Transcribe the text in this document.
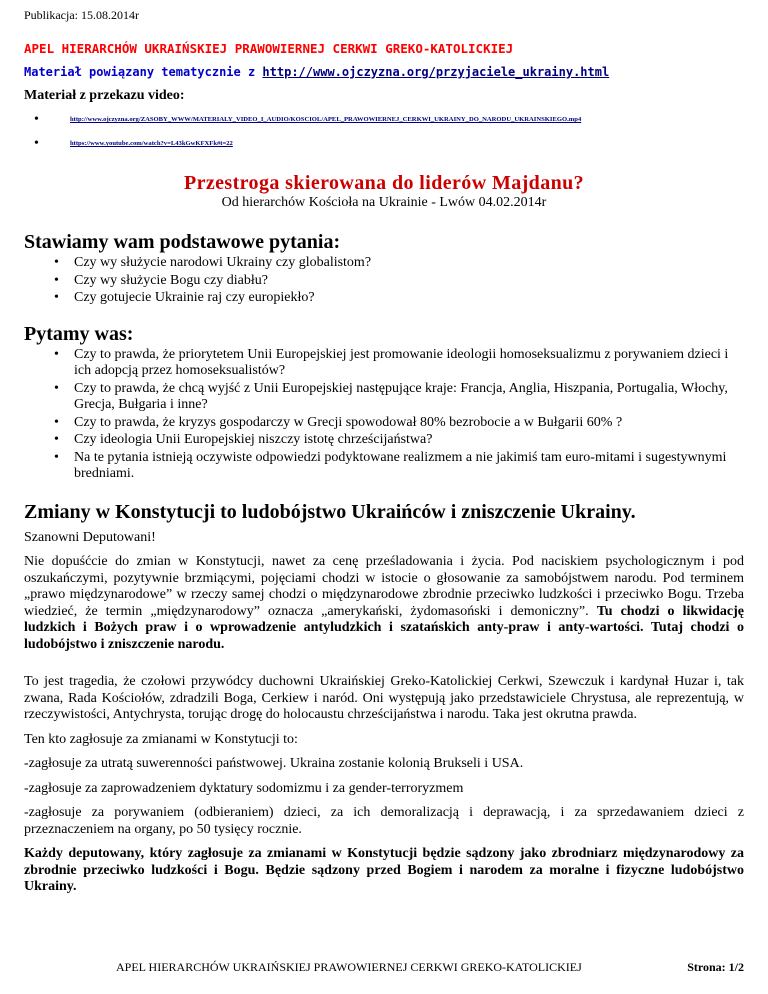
Publikacja: 15.08.2014r
APEL HIERARCHÓW UKRAIŃSKIEJ PRAWOWIERNEJ CERKWI GREKO-KATOLICKIEJ
Materiał powiązany tematycznie z http://www.ojczyzna.org/przyjaciele_ukrainy.html
Materiał z przekazu video:
•	http://www.ojczyzna.org/ZASOBY_WWW/MATERIALY_VIDEO_I_AUDIO/KOSCIOL/APEL_PRAWOWIERNEJ_CERKWI_UKRAINY_DO_NARODU_UKRAINSKIEGO.mp4
•	https://www.youtube.com/watch?v=L43kGwKFXFk#t=22
Przestroga skierowana do liderów Majdanu?
Od hierarchów Kościoła na Ukrainie - Lwów 04.02.2014r
Stawiamy wam podstawowe pytania:
• Czy wy służycie narodowi Ukrainy czy globalistom?
• Czy wy służycie Bogu czy diabłu?
• Czy gotujecie Ukrainie raj czy europiekło?
Pytamy was:
• Czy to prawda, że priorytetem Unii Europejskiej jest promowanie ideologii homoseksualizmu z porywaniem dzieci i ich adopcją przez homoseksualistów?
• Czy to prawda, że chcą wyjść z Unii Europejskiej następujące kraje: Francja, Anglia, Hiszpania, Portugalia, Włochy, Grecja, Bułgaria i inne?
• Czy to prawda, że kryzys gospodarczy w Grecji spowodował 80% bezrobocie a w Bułgarii 60% ?
• Czy ideologia Unii Europejskiej niszczy istotę chrześcijaństwa?
• Na te pytania istnieją oczywiste odpowiedzi podyktowane realizmem a nie jakimiś tam euro-mitami i sugestywnymi bredniami.
Zmiany w Konstytucji to ludobójstwo Ukraińców i zniszczenie Ukrainy.
Szanowni Deputowani!
Nie dopuśćcie do zmian w Konstytucji, nawet za cenę prześladowania i życia. Pod naciskiem psychologicznym i pod oszukańczymi, pozytywnie brzmiącymi, pojęciami chodzi w istocie o głosowanie za samobójstwem narodu. Pod terminem „prawo międzynarodowe” w rzeczy samej chodzi o międzynarodowe zbrodnie przeciwko ludzkości i przeciwko Bogu. Trzeba wiedzieć, że termin „międzynarodowy” oznacza „amerykański, żydomasoński i demoniczny”. Tu chodzi o likwidację ludzkich i Bożych praw i o wprowadzenie antyludzkich i szatańskich anty-praw i anty-wartości. Tutaj chodzi o ludobójstwo i zniszczenie narodu.
To jest tragedia, że czołowi przywódcy duchowni Ukraińskiej Greko-Katolickiej Cerkwi, Szewczuk i kardynał Huzar i, tak zwana, Rada Kościołów, zdradzili Boga, Cerkiew i naród. Oni występują jako przedstawiciele Chrystusa, ale reprezentują, w rzeczywistości, Antychrysta, torując drogę do holocaustu chrześcijaństwa i narodu. Taka jest okrutna prawda.
Ten kto zagłosuje za zmianami w Konstytucji to:
-zagłosuje za utratą suwerenności państwowej. Ukraina zostanie kolonią Brukseli i USA.
-zagłosuje za zaprowadzeniem dyktatury sodomizmu i za gender-terroryzmem
-zagłosuje za porywaniem (odbieraniem) dzieci, za ich demoralizacją i deprawacją, i za sprzedawaniem dzieci z przeznaczeniem na organy, po 50 tysięcy rocznie.
Każdy deputowany, który zagłosuje za zmianami w Konstytucji będzie sądzony jako zbrodniarz międzynarodowy za zbrodnie przeciwko ludzkości i Bogu. Będzie sądzony przed Bogiem i narodem za moralne i fizyczne ludobójstwo Ukrainy.
APEL HIERARCHÓW UKRAIŃSKIEJ PRAWOWIERNEJ CERKWI GREKO-KATOLICKIEJ	Strona: 1/2
